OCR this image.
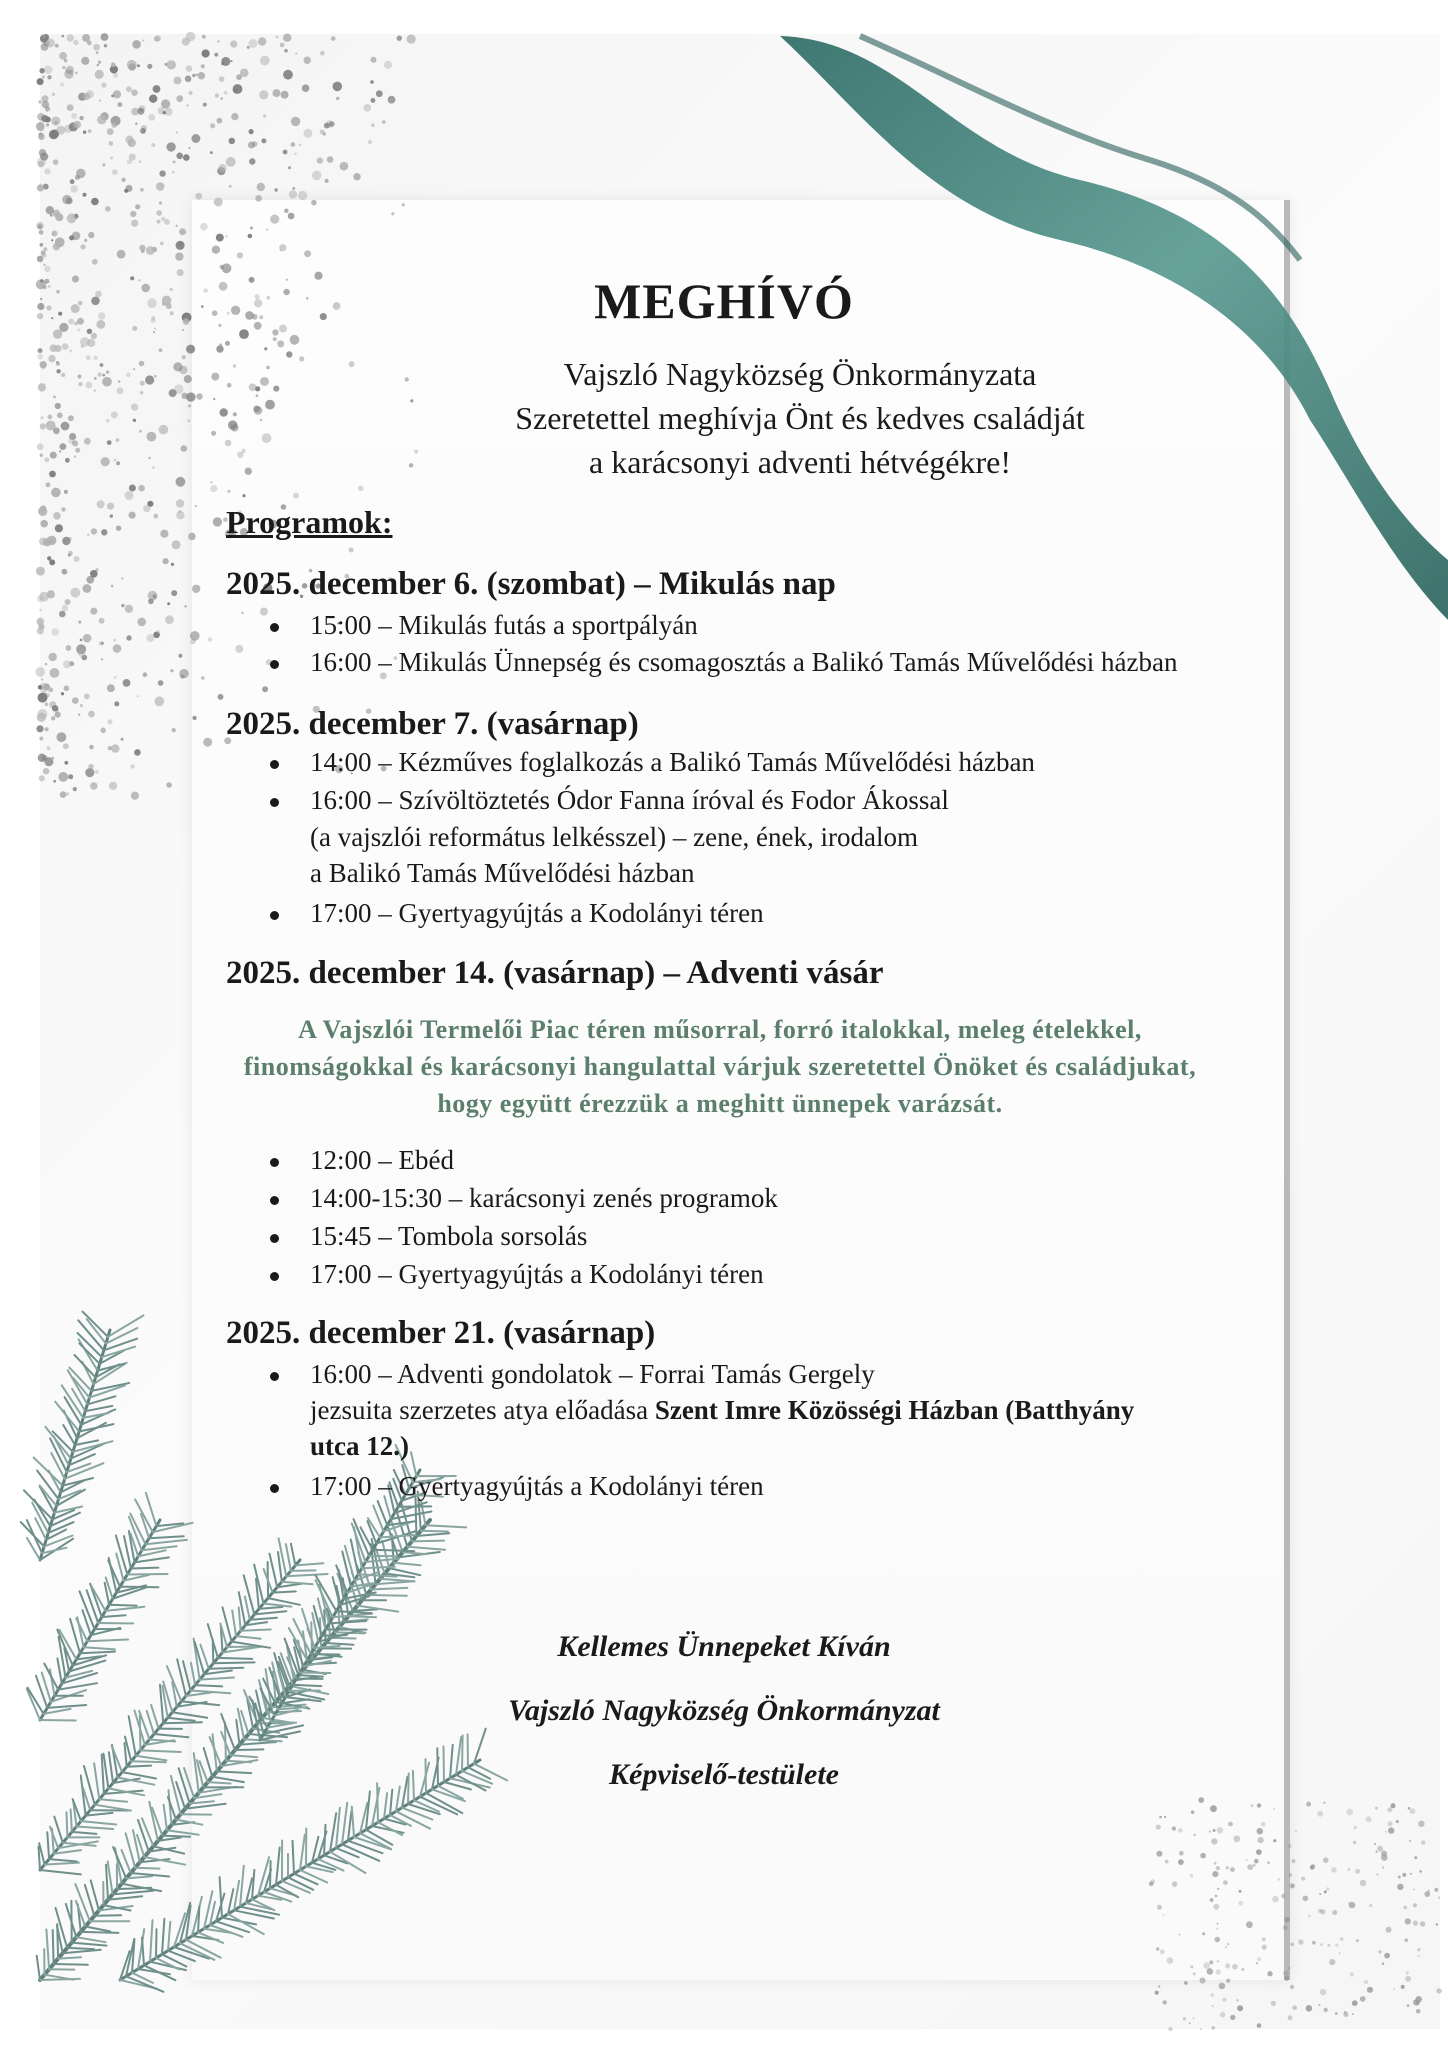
MEGHÍVÓ
Vajszló Nagyközség Önkormányzata
Szeretettel meghívja Önt és kedves családját
a karácsonyi adventi hétvégékre!
Programok:
2025. december 6. (szombat) – Mikulás nap
15:00 – Mikulás futás a sportpályán
16:00 – Mikulás Ünnepség és csomagosztás a Balikó Tamás Művelődési házban
2025. december 7. (vasárnap)
14:00 – Kézműves foglalkozás a Balikó Tamás Művelődési házban
16:00 – Szívöltöztetés Ódor Fanna íróval és Fodor Ákossal
(a vajszlói református lelkésszel) – zene, ének, irodalom
a Balikó Tamás Művelődési házban
17:00 – Gyertyagyújtás a Kodolányi téren
2025. december 14. (vasárnap) – Adventi vásár
A Vajszlói Termelői Piac téren műsorral, forró italokkal, meleg ételekkel,
finomságokkal és karácsonyi hangulattal várjuk szeretettel Önöket és családjukat,
hogy együtt érezzük a meghitt ünnepek varázsát.
12:00 – Ebéd
14:00-15:30 – karácsonyi zenés programok
15:45 – Tombola sorsolás
17:00 – Gyertyagyújtás a Kodolányi téren
2025. december 21. (vasárnap)
16:00 – Adventi gondolatok – Forrai Tamás Gergely
jezsuita szerzetes atya előadása Szent Imre Közösségi Házban (Batthyány
utca 12.)
17:00 – Gyertyagyújtás a Kodolányi téren
Kellemes Ünnepeket Kíván
Vajszló Nagyközség Önkormányzat
Képviselő-testülete
